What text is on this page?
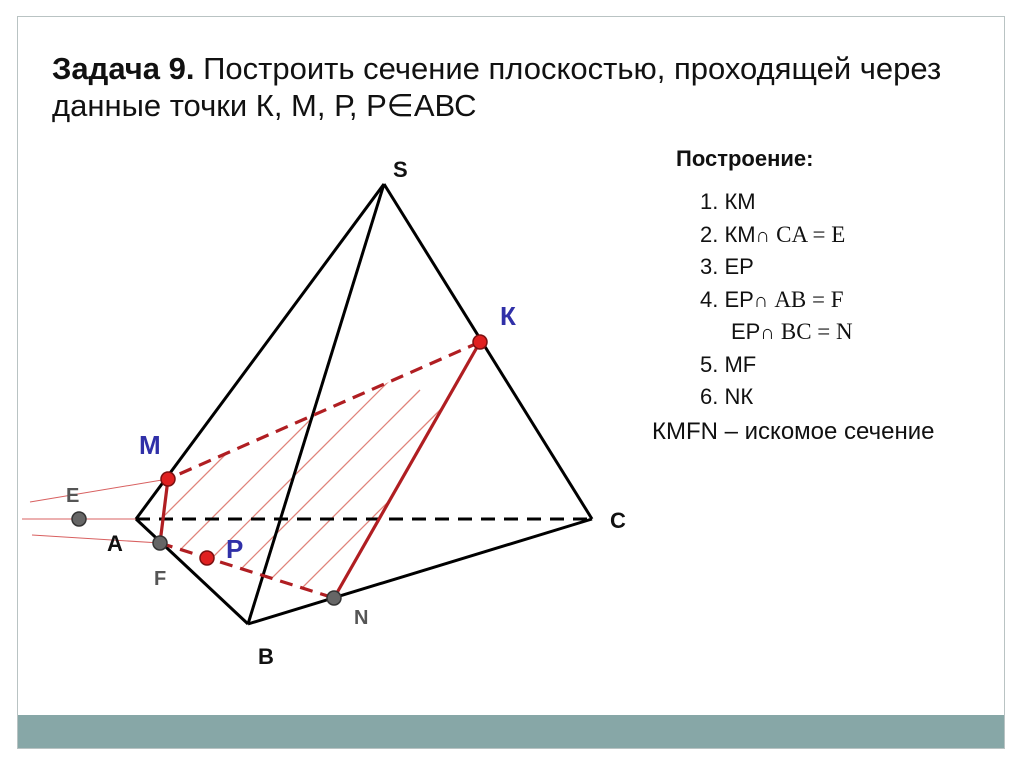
Задача 9. Построить сечение плоскостью, проходящей через данные точки К, М, Р, Р∈АВС
S
А
В
С
К
М
Р
Е
F
N
Построение:
1. КМ
2. КМ∩ CA = E
3. ЕР
4. ЕР∩ AB = F
ЕР∩ BC = N
5. MF
6. NК
КМFN – искомое сечение
